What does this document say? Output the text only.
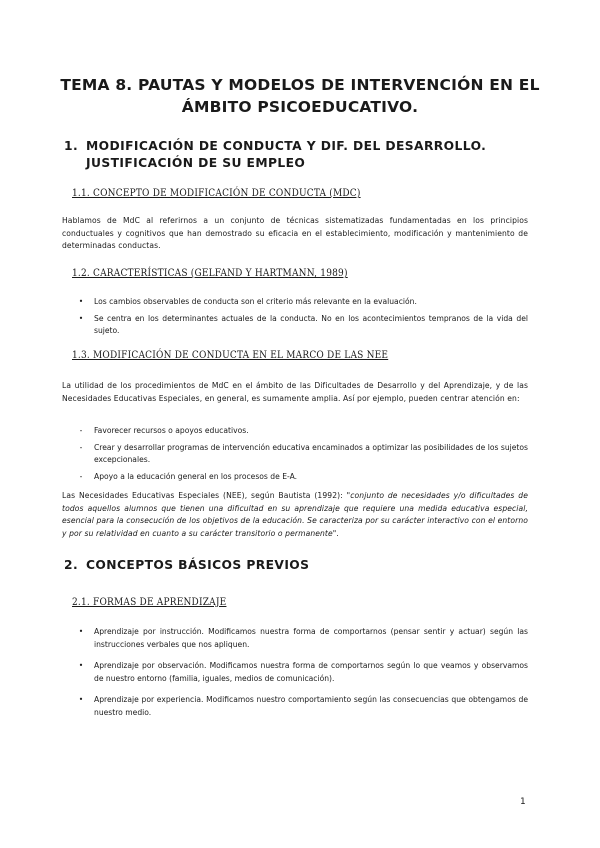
TEMA 8. PAUTAS Y MODELOS DE INTERVENCIÓN EN EL ÁMBITO PSICOEDUCATIVO.
1. MODIFICACIÓN DE CONDUCTA Y DIF. DEL DESARROLLO. JUSTIFICACIÓN DE SU EMPLEO
1.1. CONCEPTO DE MODIFICACIÓN DE CONDUCTA (MDC)

Hablamos de MdC al referirnos a un conjunto de técnicas sistematizadas fundamentadas en los principios conductuales y cognitivos que han demostrado su eficacia en el establecimiento, modificación y mantenimiento de determinadas conductas.

1.2. CARACTERÍSTICAS (GELFAND Y HARTMANN, 1989)
•	Los cambios observables de conducta son el criterio más relevante en la evaluación.
•	Se centra en los determinantes actuales de la conducta. No en los acontecimientos tempranos de la vida del sujeto.
1.3. MODIFICACIÓN DE CONDUCTA EN EL MARCO DE LAS NEE

La utilidad de los procedimientos de MdC en el ámbito de las Dificultades de Desarrollo y del Aprendizaje, y de las Necesidades Educativas Especiales, en general, es sumamente amplia. Así por ejemplo, pueden centrar atención en:

-	Favorecer recursos o apoyos educativos.
-	Crear y desarrollar programas de intervención educativa encaminados a optimizar las posibilidades de los sujetos excepcionales.
-	Apoyo a la educación general en los procesos de E-A.

Las Necesidades Educativas Especiales (NEE), según Bautista (1992): "conjunto de necesidades y/o dificultades de todos aquellos alumnos que tienen una dificultad en su aprendizaje que requiere una medida educativa especial, esencial para la consecución de los objetivos de la educación. Se caracteriza por su carácter interactivo con el entorno y por su relatividad en cuanto a su carácter transitorio o permanente".

2. CONCEPTOS BÁSICOS PREVIOS
2.1. FORMAS DE APRENDIZAJE
•	Aprendizaje por instrucción. Modificamos nuestra forma de comportarnos (pensar sentir y actuar) según las instrucciones verbales que nos apliquen.
•	Aprendizaje por observación. Modificamos nuestra forma de comportarnos según lo que veamos y observamos de nuestro entorno (familia, iguales, medios de comunicación).
•	Aprendizaje por experiencia. Modificamos nuestro comportamiento según las consecuencias que obtengamos de nuestro medio.
1
